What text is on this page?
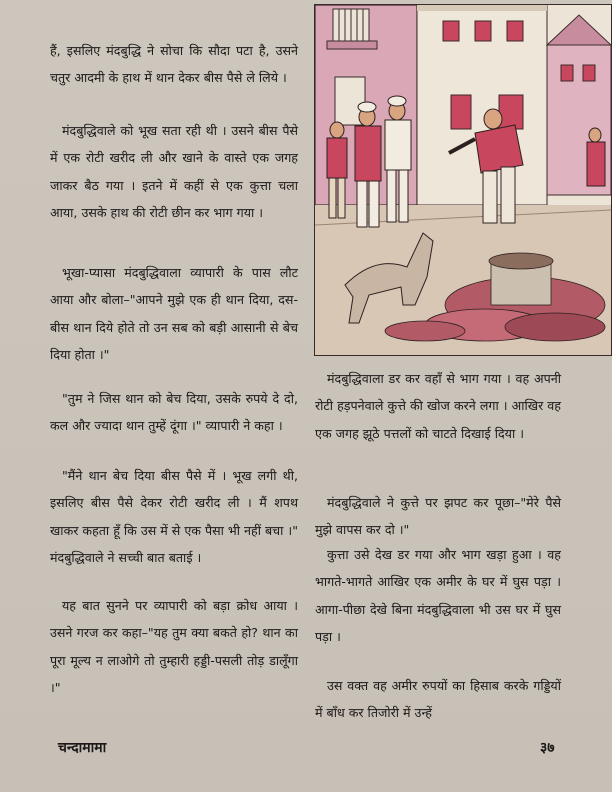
हैं, इसलिए मंदबुद्धि ने सोचा कि सौदा पटा है, उसने चतुर आदमी के हाथ में थान देकर बीस पैसे ले लिये ।

मंदबुद्धिवाले को भूख सता रही थी । उसने बीस पैसे में एक रोटी खरीद ली और खाने के वास्ते एक जगह जाकर बैठ गया । इतने में कहीं से एक कुत्ता चला आया, उसके हाथ की रोटी छीन कर भाग गया ।

भूखा-प्यासा मंदबुद्धिवाला व्यापारी के पास लौट आया और बोला–"आपने मुझे एक ही थान दिया, दस-बीस थान दिये होते तो उन सब को बड़ी आसानी से बेच दिया होता ।"

"तुम ने जिस थान को बेच दिया, उसके रुपये दे दो, कल और ज्यादा थान तुम्हें दूंगा ।" व्यापारी ने कहा ।

"मैंने थान बेच दिया बीस पैसे में । भूख लगी थी, इसलिए बीस पैसे देकर रोटी खरीद ली । मैं शपथ खाकर कहता हूँ कि उस में से एक पैसा भी नहीं बचा ।" मंदबुद्धिवाले ने सच्ची बात बताई ।

यह बात सुनने पर व्यापारी को बड़ा क्रोध आया । उसने गरज कर कहा–"यह तुम क्या बकते हो? थान का पूरा मूल्य न लाओगे तो तुम्हारी हड्डी-पसली तोड़ डालूँगा ।"

मंदबुद्धिवाला डर कर वहाँ से भाग गया । वह अपनी रोटी हड़पनेवाले कुत्ते की खोज करने लगा । आखिर वह एक जगह झूठे पत्तलों को चाटते दिखाई दिया ।

मंदबुद्धिवाले ने कुत्ते पर झपट कर पूछा–"मेरे पैसे मुझे वापस कर दो ।"

कुत्ता उसे देख डर गया और भाग खड़ा हुआ । वह भागते-भागते आखिर एक अमीर के घर में घुस पड़ा । आगा-पीछा देखे बिना मंदबुद्धिवाला भी उस घर में घुस पड़ा ।

उस वक्त वह अमीर रुपयों का हिसाब करके गड्डियों में बाँध कर तिजोरी में उन्हें

चन्दामामा	३७
